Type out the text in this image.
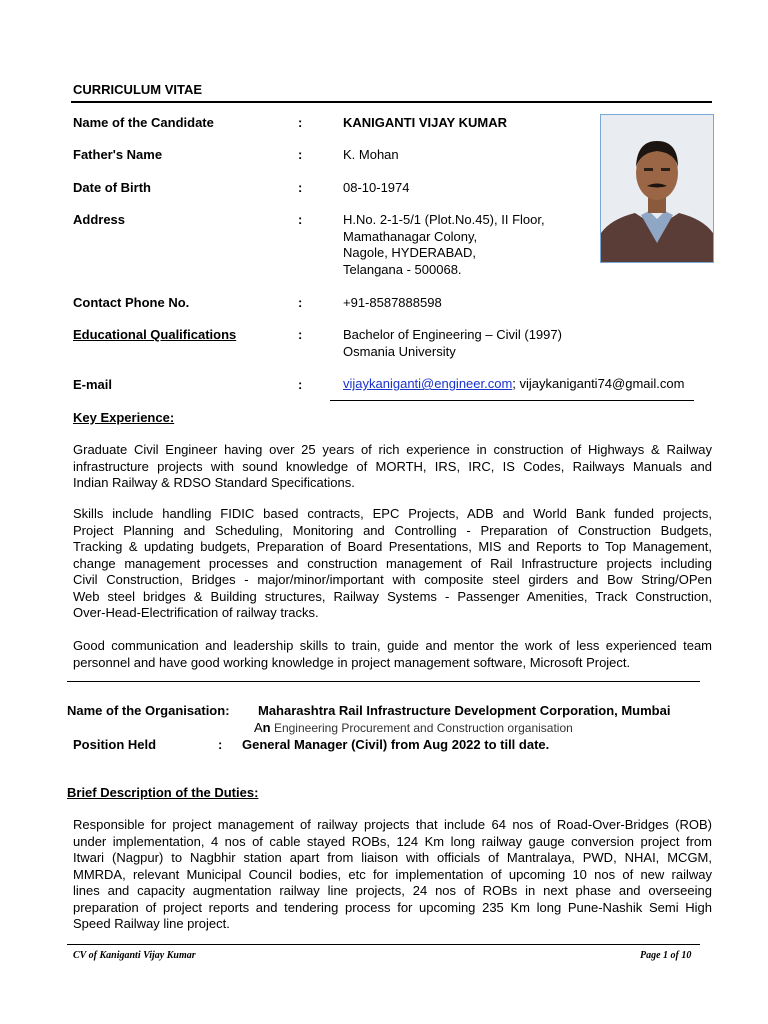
CURRICULUM VITAE
Name of the Candidate	:	KANIGANTI VIJAY KUMAR
Father's Name	:	K. Mohan
Date of Birth	:	08-10-1974
Address	:	H.No. 2-1-5/1 (Plot.No.45), II Floor,
Mamathanagar Colony,
Nagole, HYDERABAD,
Telangana - 500068.
Contact Phone No.	:	+91-8587888598
Educational Qualifications	:	Bachelor of Engineering – Civil (1997)
Osmania University
E-mail	:	vijaykaniganti@engineer.com; vijaykaniganti74@gmail.com
Key Experience:
Graduate Civil Engineer having over 25 years of rich experience in construction of Highways & Railway
infrastructure projects with sound knowledge of MORTH, IRS, IRC, IS Codes, Railways Manuals and
Indian Railway & RDSO Standard Specifications.
Skills include handling FIDIC based contracts, EPC Projects, ADB and World Bank funded projects,
Project Planning and Scheduling, Monitoring and Controlling - Preparation of Construction Budgets,
Tracking & updating budgets, Preparation of Board Presentations, MIS and Reports to Top Management,
change management processes and construction management of Rail Infrastructure projects including
Civil Construction, Bridges - major/minor/important with composite steel girders and Bow String/OPen
Web steel bridges & Building structures, Railway Systems - Passenger Amenities, Track Construction,
Over-Head-Electrification of railway tracks.
Good communication and leadership skills to train, guide and mentor the work of less experienced team
personnel and have good working knowledge in project management software, Microsoft Project.
Name of the Organisation: Maharashtra Rail Infrastructure Development Corporation, Mumbai
An Engineering Procurement and Construction organisation
Position Held	: General Manager (Civil) from Aug 2022 to till date.
Brief Description of the Duties:
Responsible for project management of railway projects that include 64 nos of Road-Over-Bridges (ROB)
under implementation, 4 nos of cable stayed ROBs, 124 Km long railway gauge conversion project from
Itwari (Nagpur) to Nagbhir station apart from liaison with officials of Mantralaya, PWD, NHAI, MCGM,
MMRDA, relevant Municipal Council bodies, etc for implementation of upcoming 10 nos of new railway
lines and capacity augmentation railway line projects, 24 nos of ROBs in next phase and overseeing
preparation of project reports and tendering process for upcoming 235 Km long Pune-Nashik Semi High
Speed Railway line project.
CV of Kaniganti Vijay Kumar	Page 1 of 10
